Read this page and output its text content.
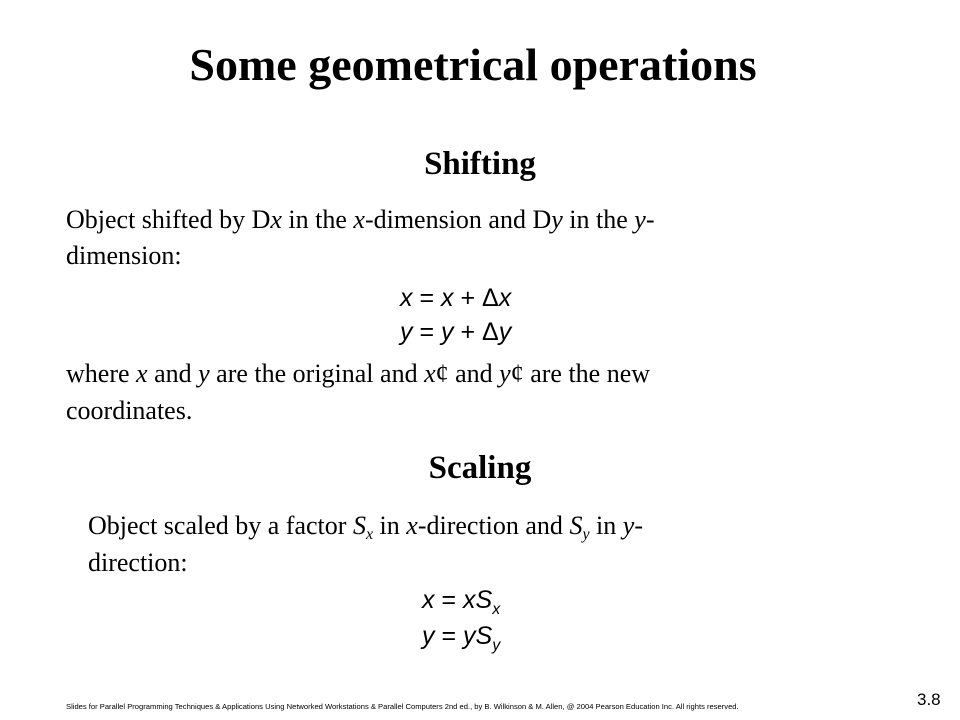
Some geometrical operations
Shifting
Object shifted by Dx in the x-dimension and Dy in the y-
dimension:
x = x + Δx
y = y + Δy
where x and y are the original and x¢ and y¢ are the new
coordinates.
Scaling
Object scaled by a factor $S_x$ in x-direction and $S_y$ in y-
direction:
$x = xS_x$
$y = yS_y$
Slides for Parallel Programming Techniques & Applications Using Networked Workstations & Parallel Computers 2nd ed., by B. Wilkinson & M. Allen, @ 2004 Pearson Education Inc. All rights reserved.	3.8
